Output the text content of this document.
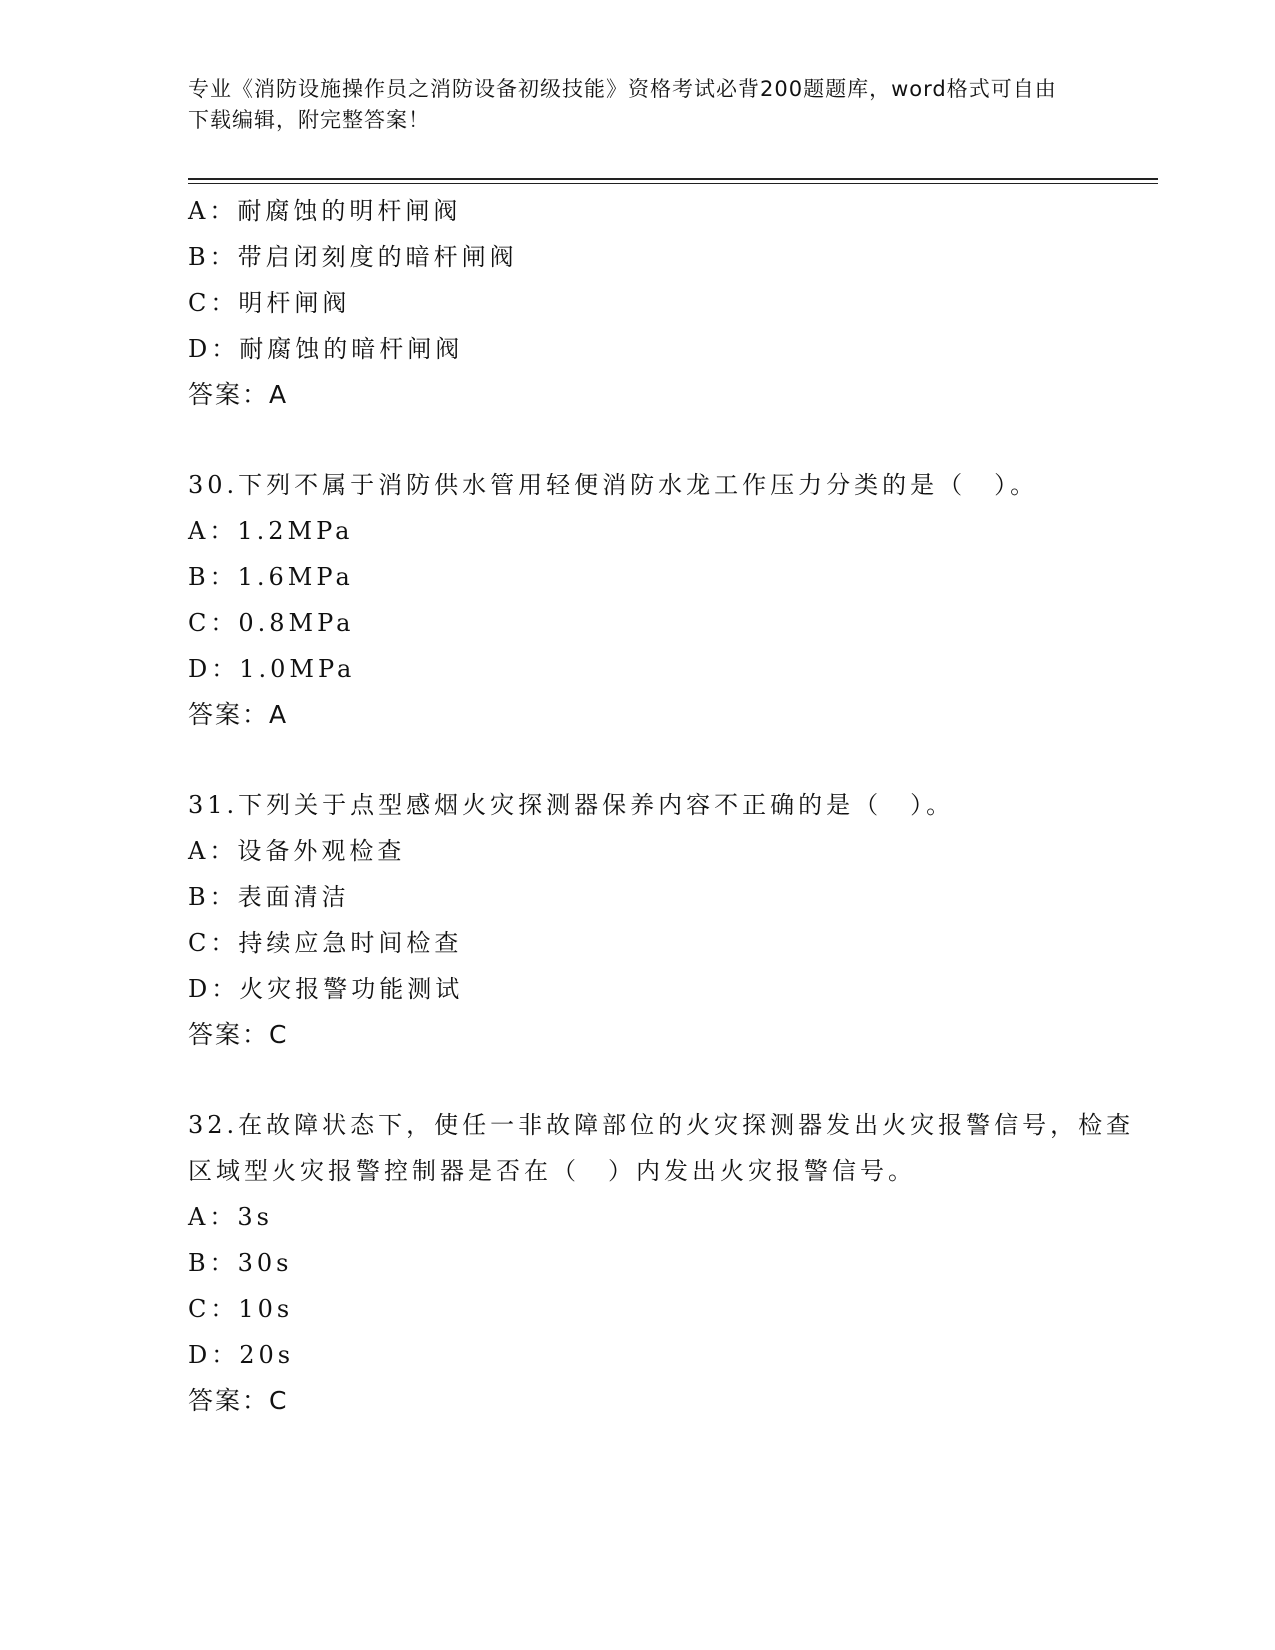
专业《消防设施操作员之消防设备初级技能》资格考试必背200题题库，word格式可自由下载编辑，附完整答案！
A：耐腐蚀的明杆闸阀
B：带启闭刻度的暗杆闸阀
C：明杆闸阀
D：耐腐蚀的暗杆闸阀
答案：A
30.下列不属于消防供水管用轻便消防水龙工作压力分类的是（　）。
A：1.2MPa
B：1.6MPa
C：0.8MPa
D：1.0MPa
答案：A
31.下列关于点型感烟火灾探测器保养内容不正确的是（　）。
A：设备外观检查
B：表面清洁
C：持续应急时间检查
D：火灾报警功能测试
答案：C
32.在故障状态下，使任一非故障部位的火灾探测器发出火灾报警信号，检查区域型火灾报警控制器是否在（　）内发出火灾报警信号。
A：3s
B：30s
C：10s
D：20s
答案：C
